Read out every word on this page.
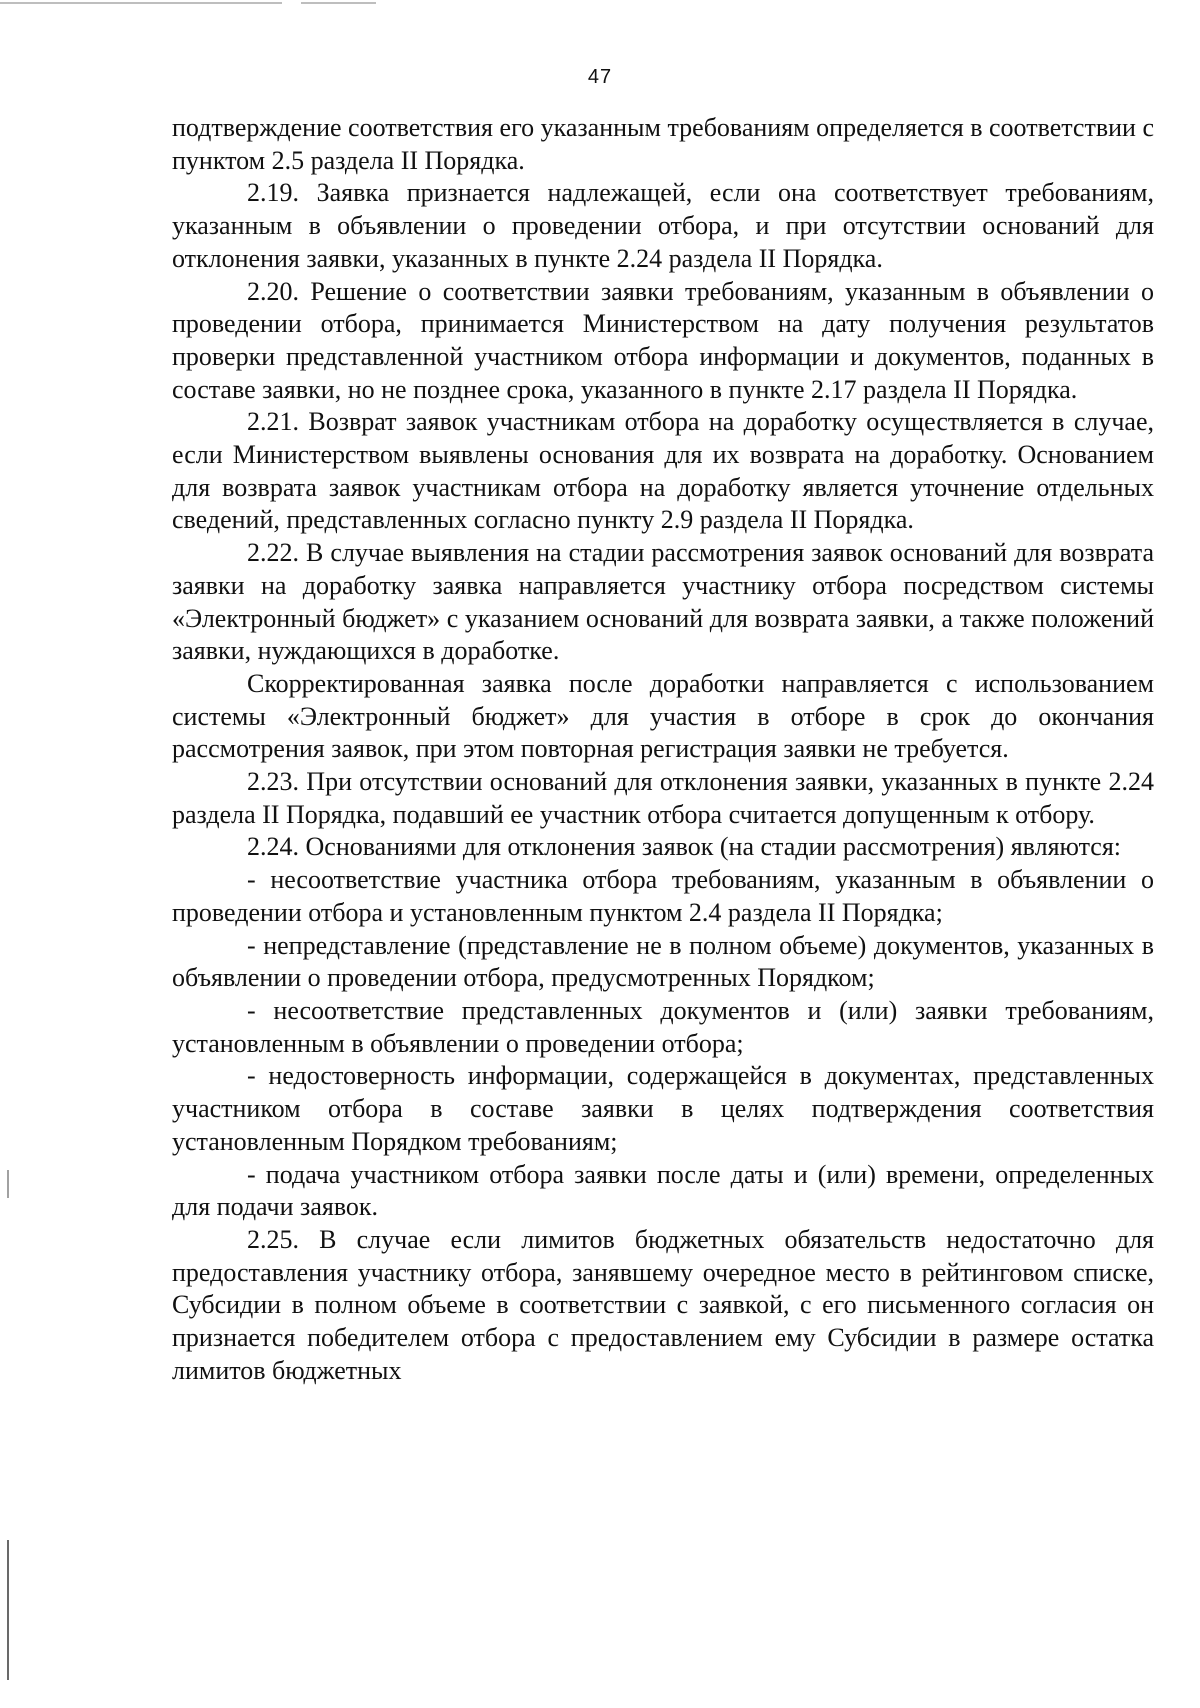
47

подтверждение соответствия его указанным требованиям определяется в соответствии с пунктом 2.5 раздела II Порядка.

2.19. Заявка признается надлежащей, если она соответствует требованиям, указанным в объявлении о проведении отбора, и при отсутствии оснований для отклонения заявки, указанных в пункте 2.24 раздела II Порядка.

2.20. Решение о соответствии заявки требованиям, указанным в объявлении о проведении отбора, принимается Министерством на дату получения результатов проверки представленной участником отбора информации и документов, поданных в составе заявки, но не позднее срока, указанного в пункте 2.17 раздела II Порядка.

2.21. Возврат заявок участникам отбора на доработку осуществляется в случае, если Министерством выявлены основания для их возврата на доработку. Основанием для возврата заявок участникам отбора на доработку является уточнение отдельных сведений, представленных согласно пункту 2.9 раздела II Порядка.

2.22. В случае выявления на стадии рассмотрения заявок оснований для возврата заявки на доработку заявка направляется участнику отбора посредством системы «Электронный бюджет» с указанием оснований для возврата заявки, а также положений заявки, нуждающихся в доработке.

Скорректированная заявка после доработки направляется с использованием системы «Электронный бюджет» для участия в отборе в срок до окончания рассмотрения заявок, при этом повторная регистрация заявки не требуется.

2.23. При отсутствии оснований для отклонения заявки, указанных в пункте 2.24 раздела II Порядка, подавший ее участник отбора считается допущенным к отбору.

2.24. Основаниями для отклонения заявок (на стадии рассмотрения) являются:

- несоответствие участника отбора требованиям, указанным в объявлении о проведении отбора и установленным пунктом 2.4 раздела II Порядка;

- непредставление (представление не в полном объеме) документов, указанных в объявлении о проведении отбора, предусмотренных Порядком;

- несоответствие представленных документов и (или) заявки требованиям, установленным в объявлении о проведении отбора;

- недостоверность информации, содержащейся в документах, представленных участником отбора в составе заявки в целях подтверждения соответствия установленным Порядком требованиям;

- подача участником отбора заявки после даты и (или) времени, определенных для подачи заявок.

2.25. В случае если лимитов бюджетных обязательств недостаточно для предоставления участнику отбора, занявшему очередное место в рейтинговом списке, Субсидии в полном объеме в соответствии с заявкой, с его письменного согласия он признается победителем отбора с предоставлением ему Субсидии в размере остатка лимитов бюджетных
